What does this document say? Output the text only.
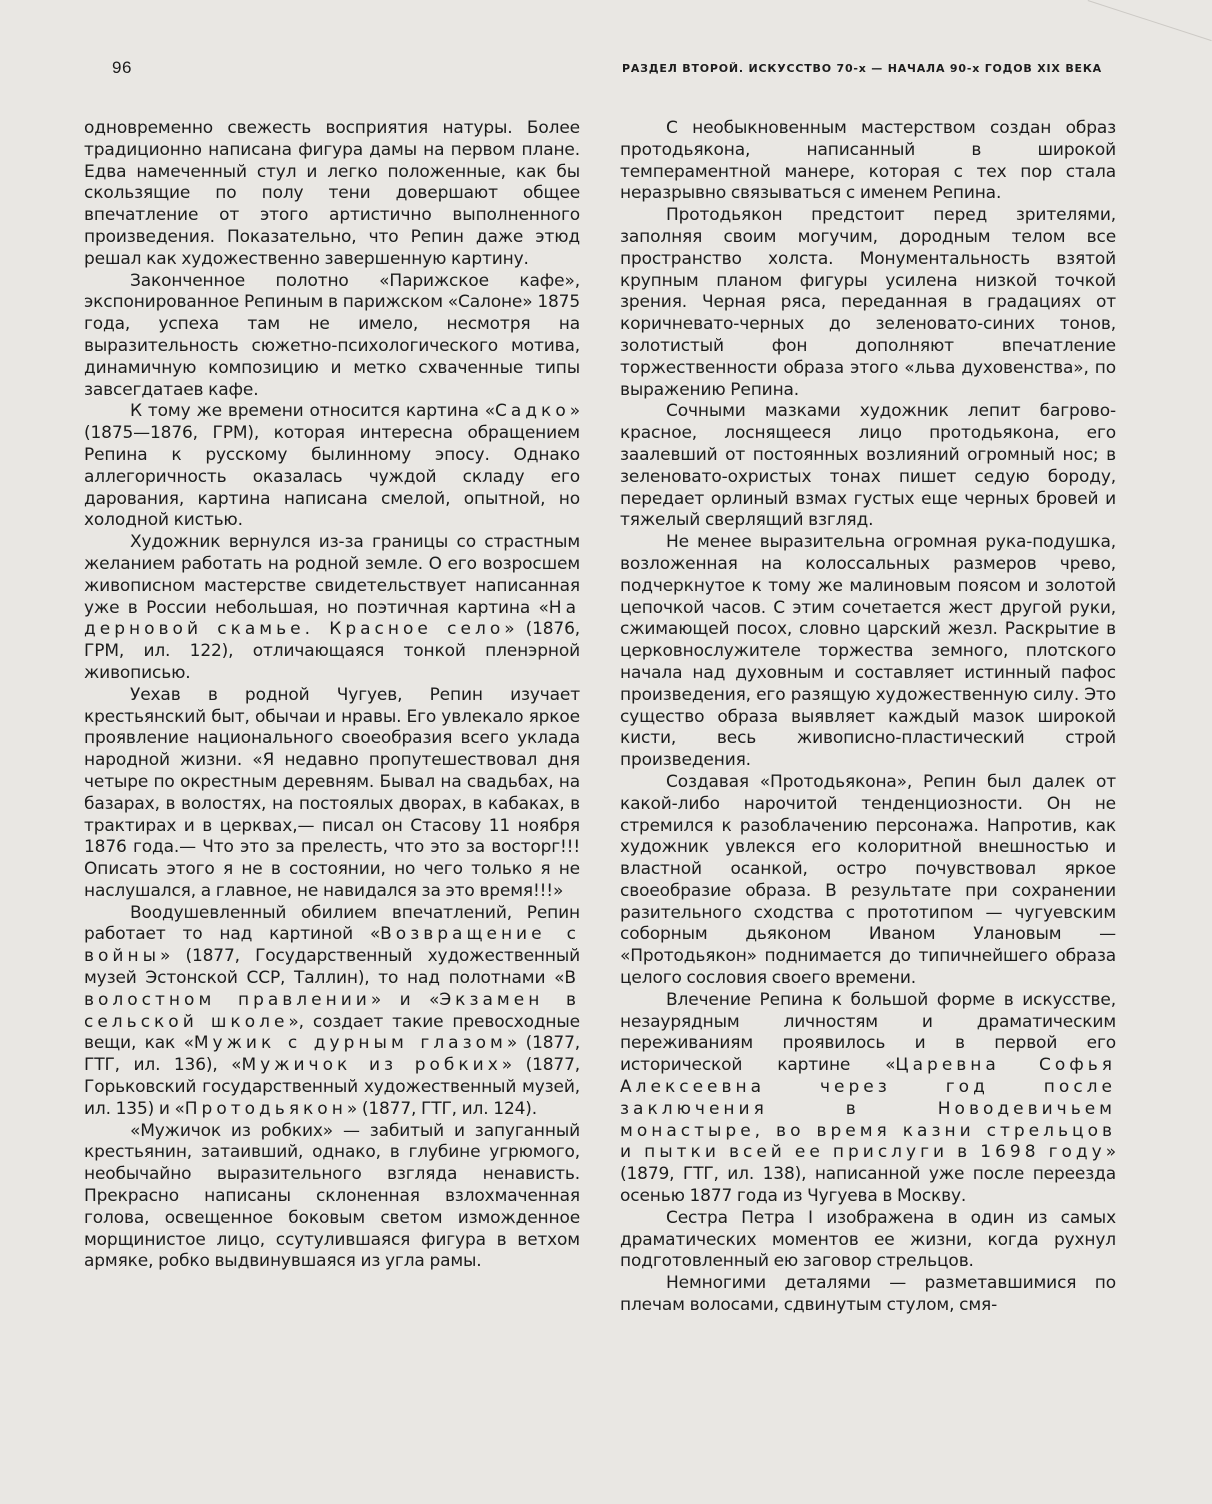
96	РАЗДЕЛ ВТОРОЙ. ИСКУССТВО 70-х — НАЧАЛА 90-х ГОДОВ XIX ВЕКА

одновременно свежесть восприятия натуры. Более традиционно написана фигура дамы на первом плане. Едва намеченный стул и легко положенные, как бы скользящие по полу тени довершают общее впечатление от этого артистично выполненного произведения. Показательно, что Репин даже этюд решал как художественно завершенную картину.

Законченное полотно «Парижское кафе», экспонированное Репиным в парижском «Салоне» 1875 года, успеха там не имело, несмотря на выразительность сюжетно-психологического мотива, динамичную композицию и метко схваченные типы завсегдатаев кафе.

К тому же времени относится картина «Садко» (1875—1876, ГРМ), которая интересна обращением Репина к русскому былинному эпосу. Однако аллегоричность оказалась чуждой складу его дарования, картина написана смелой, опытной, но холодной кистью.

Художник вернулся из-за границы со страстным желанием работать на родной земле. О его возросшем живописном мастерстве свидетельствует написанная уже в России небольшая, но поэтичная картина «На дерновой скамье. Красное село» (1876, ГРМ, ил. 122), отличающаяся тонкой пленэрной живописью.

Уехав в родной Чугуев, Репин изучает крестьянский быт, обычаи и нравы. Его увлекало яркое проявление национального своеобразия всего уклада народной жизни. «Я недавно пропутешествовал дня четыре по окрестным деревням. Бывал на свадьбах, на базарах, в волостях, на постоялых дворах, в кабаках, в трактирах и в церквах,— писал он Стасову 11 ноября 1876 года.— Что это за прелесть, что это за восторг!!! Описать этого я не в состоянии, но чего только я не наслушался, а главное, не навидался за это время!!!»

Воодушевленный обилием впечатлений, Репин работает то над картиной «Возвращение с войны» (1877, Государственный художественный музей Эстонской ССР, Таллин), то над полотнами «В волостном правлении» и «Экзамен в сельской школе», создает такие превосходные вещи, как «Мужик с дурным глазом» (1877, ГТГ, ил. 136), «Мужичок из робких» (1877, Горьковский государственный художественный музей, ил. 135) и «Протодьякон» (1877, ГТГ, ил. 124).

«Мужичок из робких» — забитый и запуганный крестьянин, затаивший, однако, в глубине угрюмого, необычайно выразительного взгляда ненависть. Прекрасно написаны склоненная взлохмаченная голова, освещенное боковым светом изможденное морщинистое лицо, ссутулившаяся фигура в ветхом армяке, робко выдвинувшаяся из угла рамы.

С необыкновенным мастерством создан образ протодьякона, написанный в широкой темпераментной манере, которая с тех пор стала неразрывно связываться с именем Репина.

Протодьякон предстоит перед зрителями, заполняя своим могучим, дородным телом все пространство холста. Монументальность взятой крупным планом фигуры усилена низкой точкой зрения. Черная ряса, переданная в градациях от коричневато-черных до зеленовато-синих тонов, золотистый фон дополняют впечатление торжественности образа этого «льва духовенства», по выражению Репина.

Сочными мазками художник лепит багрово-красное, лоснящееся лицо протодьякона, его заалевший от постоянных возлияний огромный нос; в зеленовато-охристых тонах пишет седую бороду, передает орлиный взмах густых еще черных бровей и тяжелый сверлящий взгляд.

Не менее выразительна огромная рука-подушка, возложенная на колоссальных размеров чрево, подчеркнутое к тому же малиновым поясом и золотой цепочкой часов. С этим сочетается жест другой руки, сжимающей посох, словно царский жезл. Раскрытие в церковнослужителе торжества земного, плотского начала над духовным и составляет истинный пафос произведения, его разящую художественную силу. Это существо образа выявляет каждый мазок широкой кисти, весь живописно-пластический строй произведения.

Создавая «Протодьякона», Репин был далек от какой-либо нарочитой тенденциозности. Он не стремился к разоблачению персонажа. Напротив, как художник увлекся его колоритной внешностью и властной осанкой, остро почувствовал яркое своеобразие образа. В результате при сохранении разительного сходства с прототипом — чугуевским соборным дьяконом Иваном Улановым — «Протодьякон» поднимается до типичнейшего образа целого сословия своего времени.

Влечение Репина к большой форме в искусстве, незаурядным личностям и драматическим переживаниям проявилось и в первой его исторической картине «Царевна Софья Алексеевна через год после заключения в Новодевичьем монастыре, во время казни стрельцов и пытки всей ее прислуги в 1698 году» (1879, ГТГ, ил. 138), написанной уже после переезда осенью 1877 года из Чугуева в Москву.

Сестра Петра I изображена в один из самых драматических моментов ее жизни, когда рухнул подготовленный ею заговор стрельцов.

Немногими деталями — разметавшимися по плечам волосами, сдвинутым стулом, смя-
